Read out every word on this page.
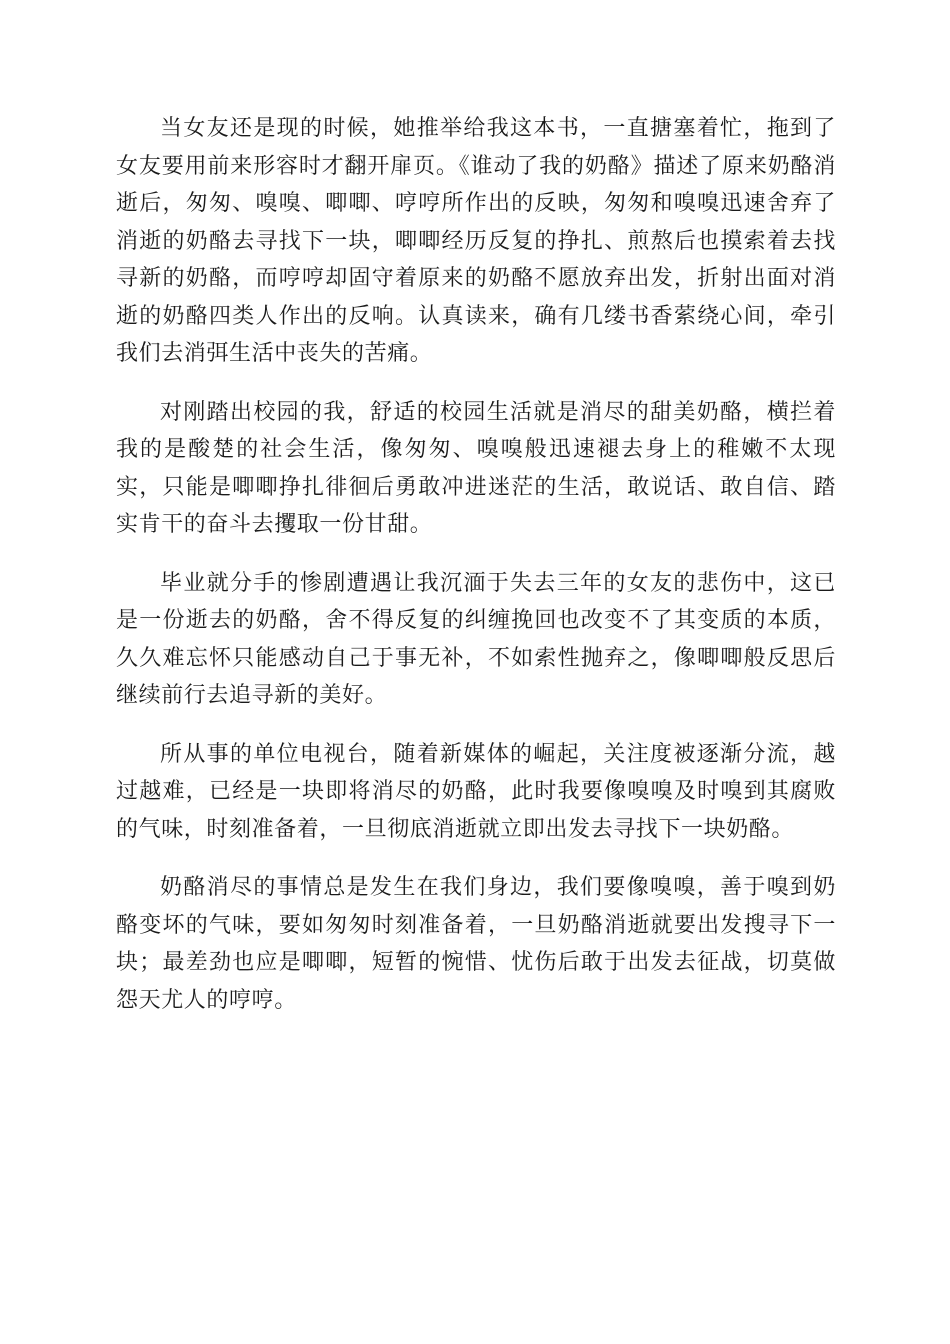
当女友还是现的时候，她推举给我这本书，一直搪塞着忙，拖到了女友要用前来形容时才翻开扉页。《谁动了我的奶酪》描述了原来奶酪消逝后，匆匆、嗅嗅、唧唧、哼哼所作出的反映，匆匆和嗅嗅迅速舍弃了消逝的奶酪去寻找下一块，唧唧经历反复的挣扎、煎熬后也摸索着去找寻新的奶酪，而哼哼却固守着原来的奶酪不愿放弃出发，折射出面对消逝的奶酪四类人作出的反响。认真读来，确有几缕书香萦绕心间，牵引我们去消弭生活中丧失的苦痛。

对刚踏出校园的我，舒适的校园生活就是消尽的甜美奶酪，横拦着我的是酸楚的社会生活，像匆匆、嗅嗅般迅速褪去身上的稚嫩不太现实，只能是唧唧挣扎徘徊后勇敢冲进迷茫的生活，敢说话、敢自信、踏实肯干的奋斗去攫取一份甘甜。

毕业就分手的惨剧遭遇让我沉湎于失去三年的女友的悲伤中，这已是一份逝去的奶酪，舍不得反复的纠缠挽回也改变不了其变质的本质，久久难忘怀只能感动自己于事无补，不如索性抛弃之，像唧唧般反思后继续前行去追寻新的美好。

所从事的单位电视台，随着新媒体的崛起，关注度被逐渐分流，越过越难，已经是一块即将消尽的奶酪，此时我要像嗅嗅及时嗅到其腐败的气味，时刻准备着，一旦彻底消逝就立即出发去寻找下一块奶酪。

奶酪消尽的事情总是发生在我们身边，我们要像嗅嗅，善于嗅到奶酪变坏的气味，要如匆匆时刻准备着，一旦奶酪消逝就要出发搜寻下一块；最差劲也应是唧唧，短暂的惋惜、忧伤后敢于出发去征战，切莫做怨天尤人的哼哼。
